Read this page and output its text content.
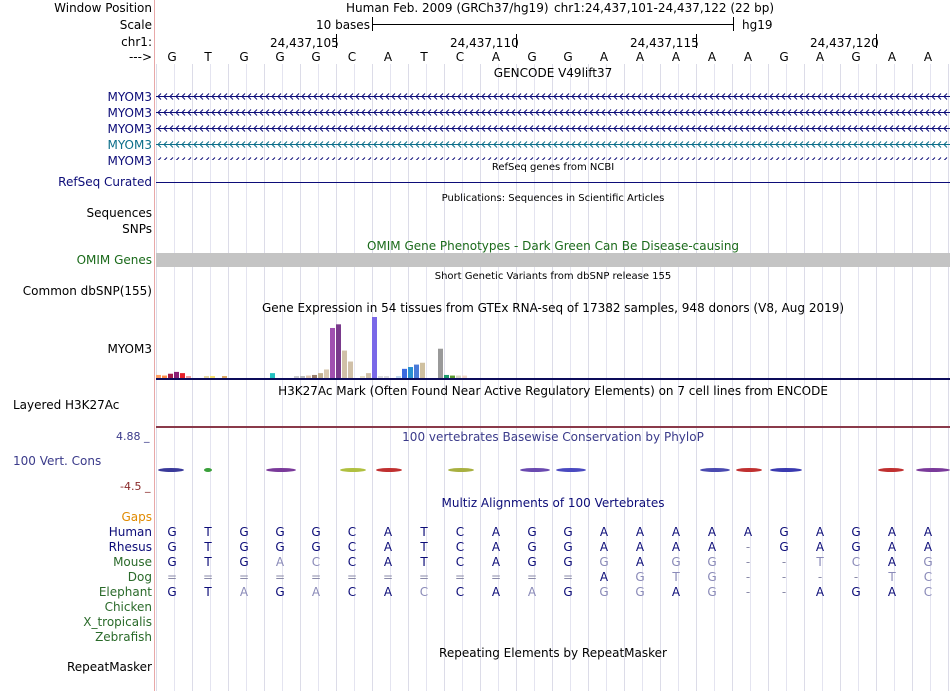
Window Position
Scale
chr1:
--->
Human Feb. 2009 (GRCh37/hg19) chr1:24,437,101-24,437,122 (22 bp)
10 bases	hg19
24,437,105	24,437,110	24,437,115	24,437,120
G	T	G	G	G	C	A	T	C	A	G	G	A	A	A	A	A	G	A	G	A	A
GENCODE V49lift37
MYOM3
MYOM3
MYOM3
MYOM3
MYOM3	RefSeq genes from NCBI
RefSeq Curated
Publications: Sequences in Scientific Articles
Sequences
SNPs
OMIM Gene Phenotypes - Dark Green Can Be Disease-causing
OMIM Genes
Short Genetic Variants from dbSNP release 155
Common dbSNP(155)
Gene Expression in 54 tissues from GTEx RNA-seq of 17382 samples, 948 donors (V8, Aug 2019)
MYOM3
H3K27Ac Mark (Often Found Near Active Regulatory Elements) on 7 cell lines from ENCODE
Layered H3K27Ac
100 vertebrates Basewise Conservation by PhyloP
4.88 _
100 Vert. Cons
-4.5 _
Multiz Alignments of 100 Vertebrates
Gaps
Human	G	T	G	G	G	C	A	T	C	A	G	G	A	A	A	A	A	G	A	G	A	A
Rhesus	G	T	G	G	G	C	A	T	C	A	G	G	A	A	A	A	-	G	A	G	A	A
Mouse	G	T	G	A	C	C	A	T	C	A	G	G	G	A	G	G	-	-	T	C	A	G
Dog	=	=	=	=	=	=	=	=	=	=	=	=	A	G	T	G	-	-	-	-	T	C
Elephant	G	T	A	G	A	C	A	C	C	A	A	G	G	G	A	G	-	-	A	G	A	C
Chicken
X_tropicalis
Zebrafish
Repeating Elements by RepeatMasker
RepeatMasker
